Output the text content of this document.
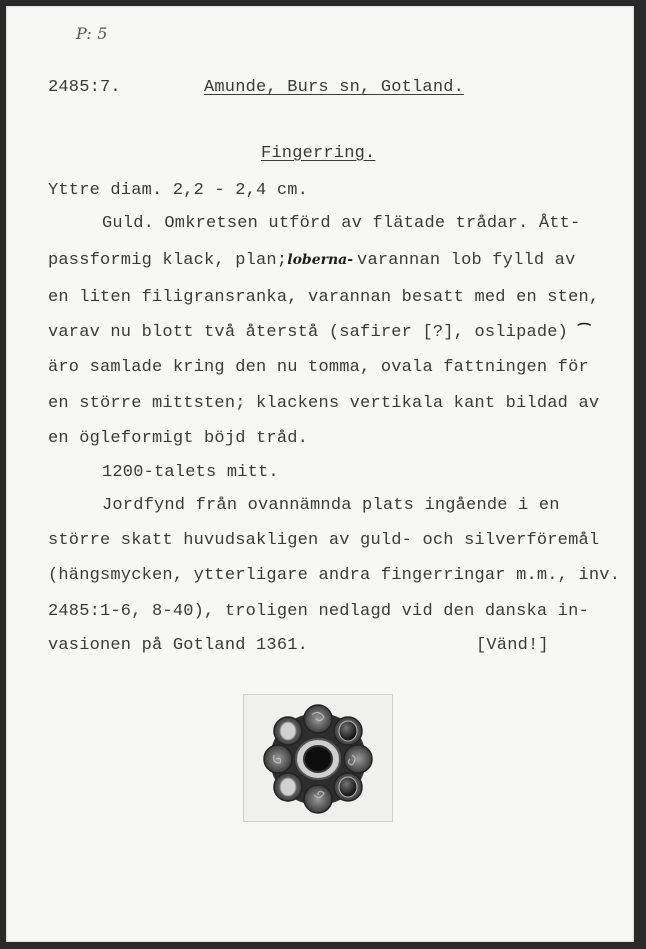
P: 5
2485:7.	Amunde, Burs sn, Gotland.
Fingerring.
Yttre diam. 2,2 - 2,4 cm.
Guld. Omkretsen utförd av flätade trådar. Ått-
passformig klack, plan;loberna- varannan lob fylld av
en liten filigransranka, varannan besatt med en sten,
varav nu blott två återstå (safirer [?], oslipade) ⁀
äro samlade kring den nu tomma, ovala fattningen för
en större mittsten; klackens vertikala kant bildad av
en ögleformigt böjd tråd.
1200-talets mitt.
Jordfynd från ovannämnda plats ingående i en
större skatt huvudsakligen av guld- och silverföremål
(hängsmycken, ytterligare andra fingerringar m.m., inv.
2485:1-6, 8-40), troligen nedlagd vid den danska in-
vasionen på Gotland 1361.	[Vänd!]
